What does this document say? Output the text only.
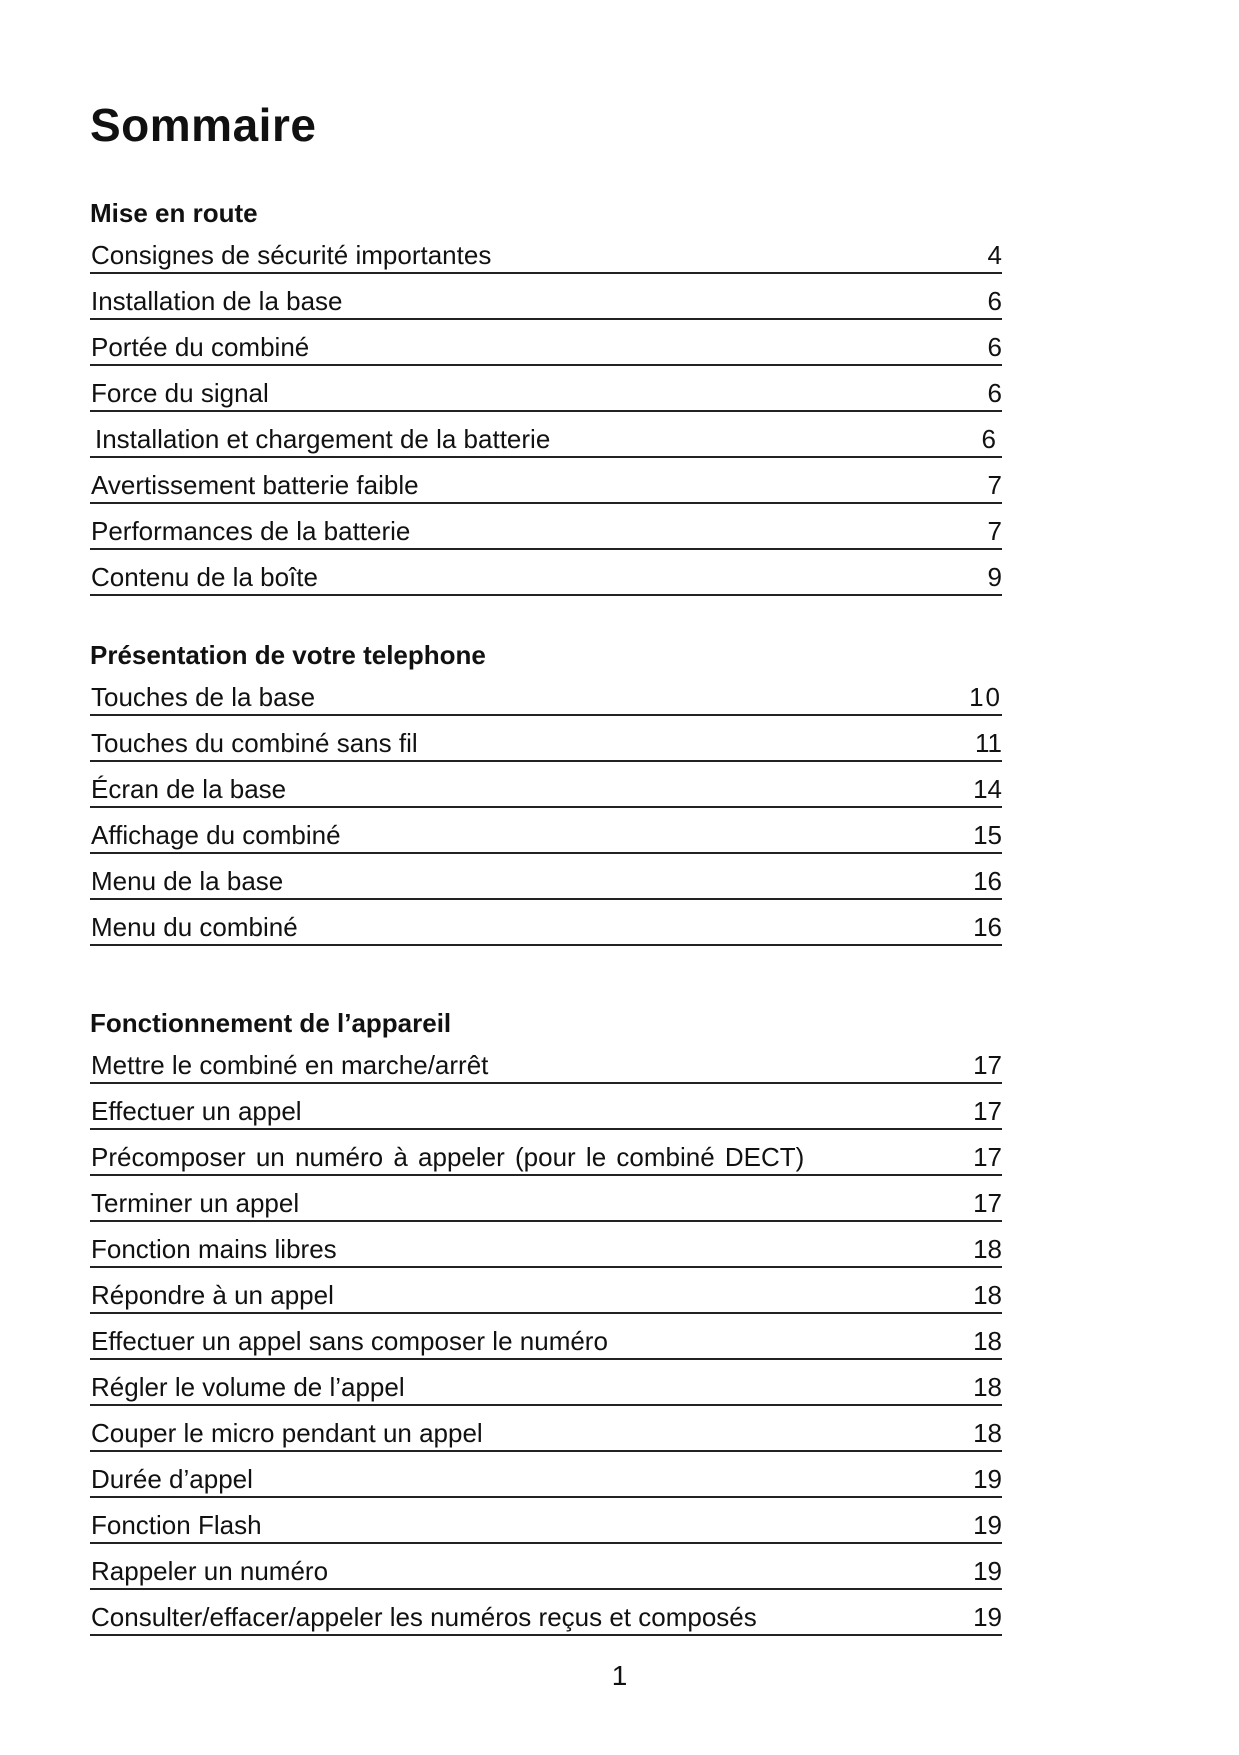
Sommaire
Mise en route
Consignes de sécurité importantes	4
Installation de la base	6
Portée du combiné	6
Force du signal	6
Installation et chargement de la batterie	6
Avertissement batterie faible	7
Performances de la batterie	7
Contenu de la boîte	9
Présentation de votre telephone
Touches de la base	10
Touches du combiné sans fil	11
Écran de la base	14
Affichage du combiné	15
Menu de la base	16
Menu du combiné	16
Fonctionnement de l’appareil
Mettre le combiné en marche/arrêt	17
Effectuer un appel	17
Précomposer un numéro à appeler (pour le combiné DECT)	17
Terminer un appel	17
Fonction mains libres	18
Répondre à un appel	18
Effectuer un appel sans composer le numéro	18
Régler le volume de l’appel	18
Couper le micro pendant un appel	18
Durée d’appel	19
Fonction Flash	19
Rappeler un numéro	19
Consulter/effacer/appeler les numéros reçus et composés	19
1
